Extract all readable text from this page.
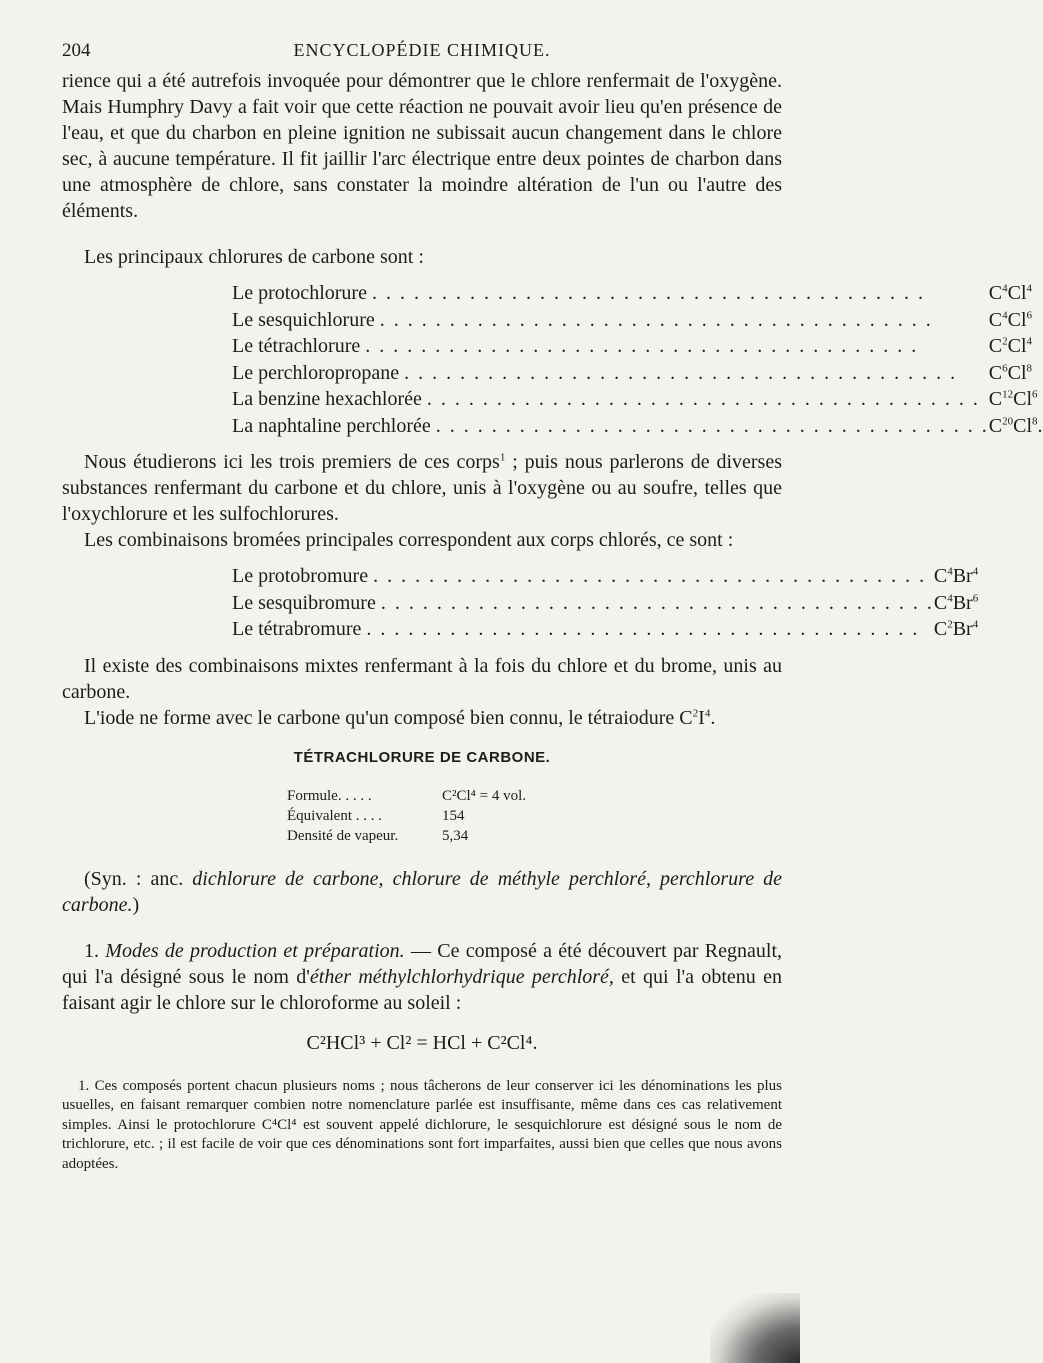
204	ENCYCLOPÉDIE CHIMIQUE.

rience qui a été autrefois invoquée pour démontrer que le chlore renfermait de l'oxygène. Mais Humphry Davy a fait voir que cette réaction ne pouvait avoir lieu qu'en présence de l'eau, et que du charbon en pleine ignition ne subissait aucun changement dans le chlore sec, à aucune température. Il fit jaillir l'arc électrique entre deux pointes de charbon dans une atmosphère de chlore, sans constater la moindre altération de l'un ou l'autre des éléments.

Les principaux chlorures de carbone sont :

Le protochlorure . . . . . . . . . . . . . . . . . . . . . . . . . . . . . . . . . . . . . . . .	$C^4Cl^4$
Le sesquichlorure . . . . . . . . . . . . . . . . . . . . . . . . . . . . . . . . . . . . . . . .	$C^4Cl^6$
Le tétrachlorure . . . . . . . . . . . . . . . . . . . . . . . . . . . . . . . . . . . . . . . .	$C^2Cl^4$
Le perchloropropane . . . . . . . . . . . . . . . . . . . . . . . . . . . . . . . . . . . . . . . .	$C^6Cl^8$
La benzine hexachlorée . . . . . . . . . . . . . . . . . . . . . . . . . . . . . . . . . . . . . . . .	$C^{12}Cl^6$
La naphtaline perchlorée . . . . . . . . . . . . . . . . . . . . . . . . . . . . . . . . . . . . . . . .	$C^{20}Cl^8$.

Nous étudierons ici les trois premiers de ces corps$^1$ ; puis nous parlerons de diverses substances renfermant du carbone et du chlore, unis à l'oxygène ou au soufre, telles que l'oxychlorure et les sulfochlorures.

Les combinaisons bromées principales correspondent aux corps chlorés, ce sont :

Le protobromure . . . . . . . . . . . . . . . . . . . . . . . . . . . . . . . . . . . . . . . .	$C^4Br^4$
Le sesquibromure . . . . . . . . . . . . . . . . . . . . . . . . . . . . . . . . . . . . . . . .	$C^4Br^6$
Le tétrabromure . . . . . . . . . . . . . . . . . . . . . . . . . . . . . . . . . . . . . . . .	$C^2Br^4$

Il existe des combinaisons mixtes renfermant à la fois du chlore et du brome, unis au carbone.

L'iode ne forme avec le carbone qu'un composé bien connu, le tétraiodure $C^2I^4$.

TÉTRACHLORURE DE CARBONE.
Formule. . . . .	C²Cl⁴ = 4 vol.
Équivalent . . . .	154
Densité de vapeur.	5,34

(Syn. : anc. dichlorure de carbone, chlorure de méthyle perchloré, perchlorure de carbone.)

1. Modes de production et préparation. — Ce composé a été découvert par Regnault, qui l'a désigné sous le nom d'éther méthylchlorhydrique perchloré, et qui l'a obtenu en faisant agir le chlore sur le chloroforme au soleil :

C²HCl³ + Cl² = HCl + C²Cl⁴.

1. Ces composés portent chacun plusieurs noms ; nous tâcherons de leur conserver ici les dénominations les plus usuelles, en faisant remarquer combien notre nomenclature parlée est insuffisante, même dans ces cas relativement simples. Ainsi le protochlorure C⁴Cl⁴ est souvent appelé dichlorure, le sesquichlorure est désigné sous le nom de trichlorure, etc. ; il est facile de voir que ces dénominations sont fort imparfaites, aussi bien que celles que nous avons adoptées.
